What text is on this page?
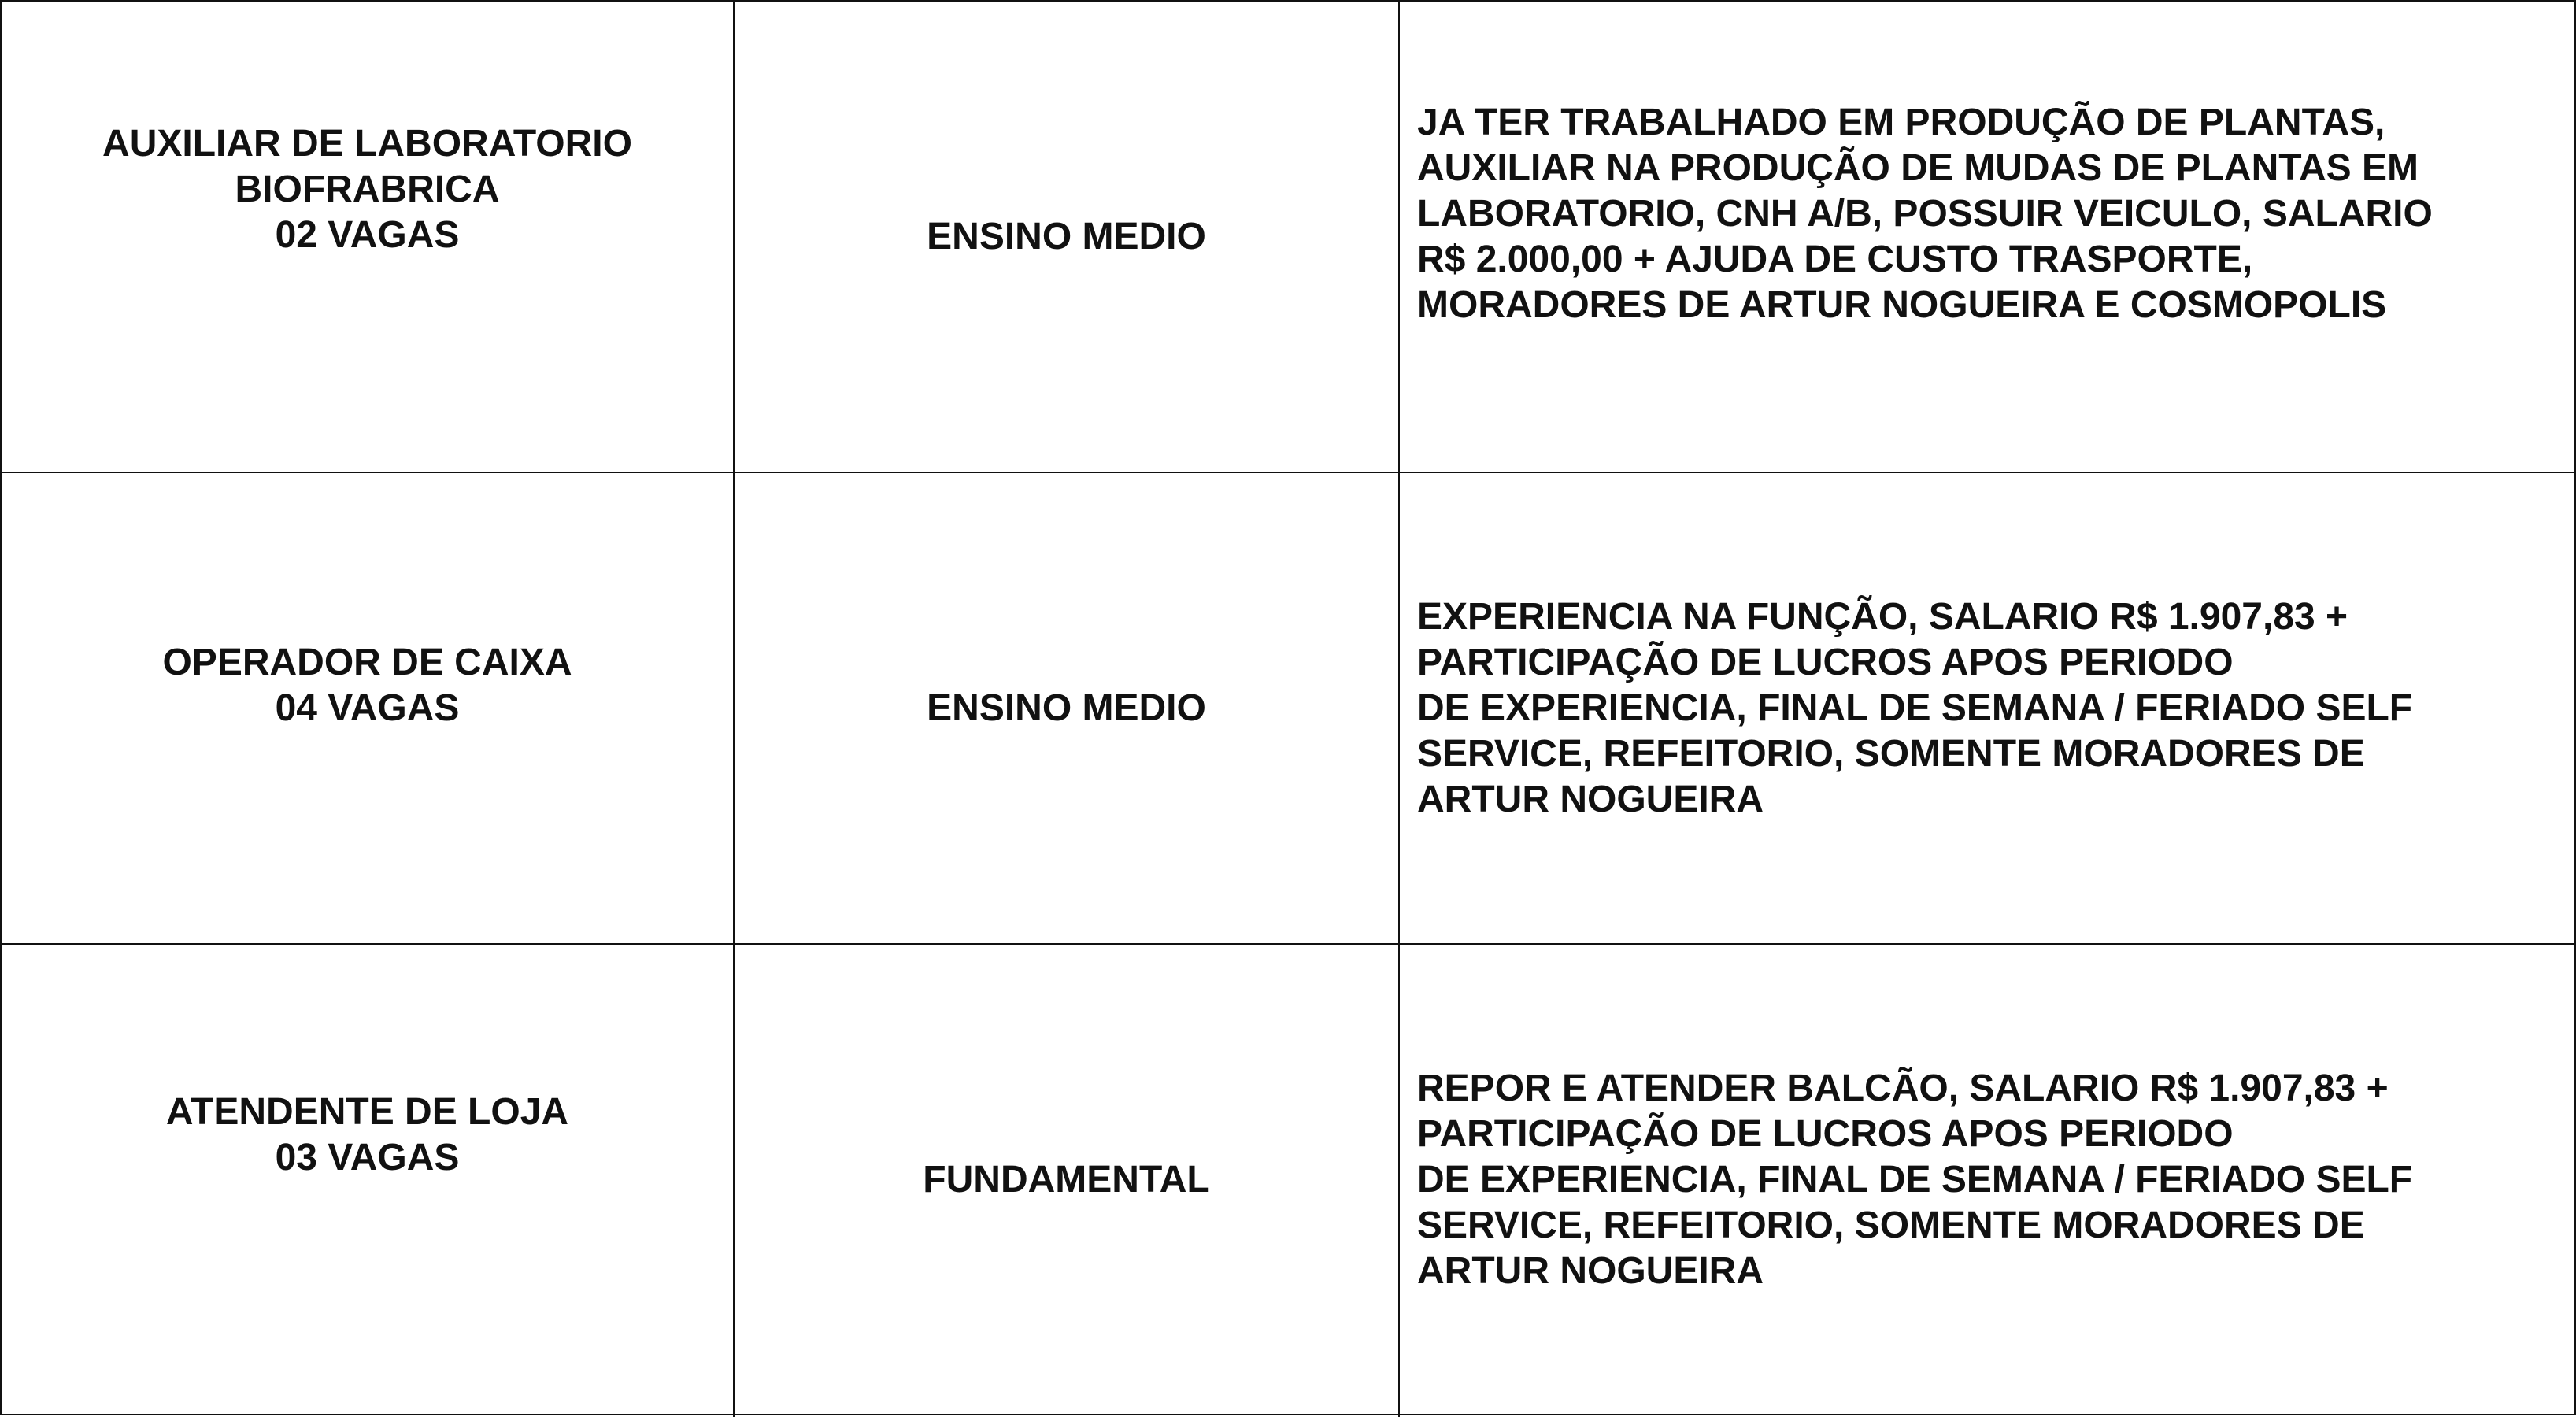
AUXILIAR DE LABORATORIO
BIOFRABRICA
02 VAGAS	ENSINO MEDIO
JA TER TRABALHADO EM PRODUÇÃO DE PLANTAS,
AUXILIAR NA PRODUÇÃO DE MUDAS DE PLANTAS EM
LABORATORIO, CNH A/B, POSSUIR VEICULO, SALARIO
R$ 2.000,00 + AJUDA DE CUSTO TRASPORTE,
MORADORES DE ARTUR NOGUEIRA E COSMOPOLIS
OPERADOR DE CAIXA
04 VAGAS	ENSINO MEDIO
EXPERIENCIA NA FUNÇÃO, SALARIO R$ 1.907,83 +
PARTICIPAÇÃO DE LUCROS APOS PERIODO
DE EXPERIENCIA, FINAL DE SEMANA / FERIADO SELF
SERVICE, REFEITORIO, SOMENTE MORADORES DE
ARTUR NOGUEIRA
ATENDENTE DE LOJA
03 VAGAS
FUNDAMENTAL
REPOR E ATENDER BALCÃO, SALARIO R$ 1.907,83 +
PARTICIPAÇÃO DE LUCROS APOS PERIODO
DE EXPERIENCIA, FINAL DE SEMANA / FERIADO SELF
SERVICE, REFEITORIO, SOMENTE MORADORES DE
ARTUR NOGUEIRA
